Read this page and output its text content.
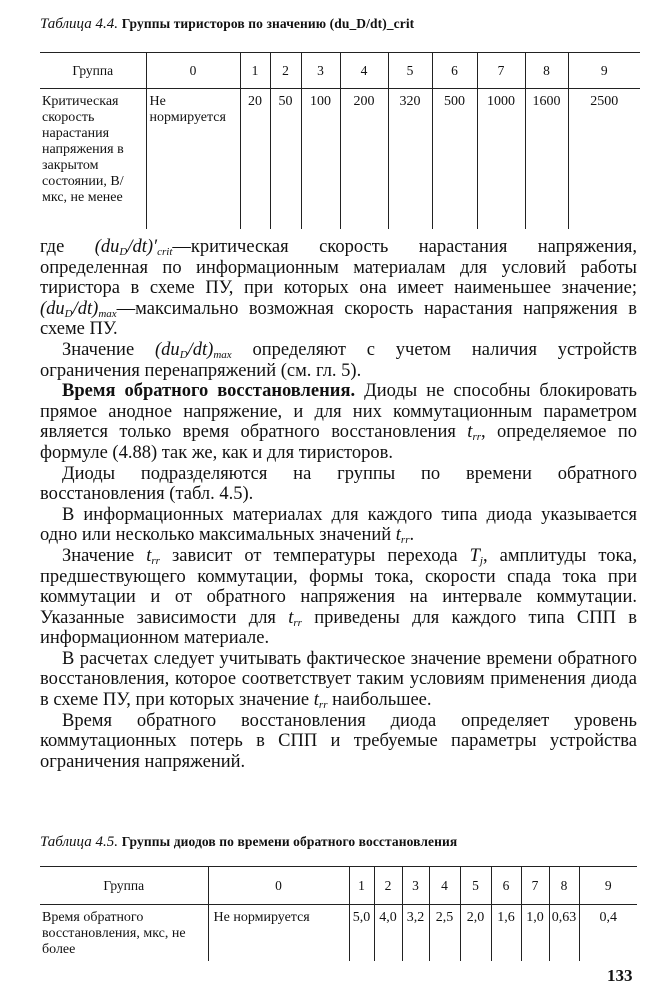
Таблица 4.4. Группы тиристоров по значению (du_D/dt)_crit
Группа	0	1	2	3	4	5	6	7	8	9
Критическая скорость нарастания напряжения в закрытом состоянии, В/мкс, не менее	Не нормируется	20	50	100	200	320	500	1000	1600	2500

где $(du_D/dt)'_{crit}—критическая$ скорость нарастания напряжения, определенная по информационным материалам для условий работы тиристора в схеме ПУ, при которых она имеет наименьшее значение; $(du_D/dt)_{max}—максимально$ возможная скорость нарастания напряжения в схеме ПУ.

Значение $(du_D/dt)_{max}$ определяют с учетом наличия устройств ограничения перенапряжений (см. гл. 5).

Время обратного восстановления. Диоды не способны блокировать прямое анодное напряжение, и для них коммутационным параметром является только время обратного восстановления $t_{rr}$, определяемое по формуле (4.88) так же, как и для тиристоров.

Диоды подразделяются на группы по времени обратного восстановления (табл. 4.5).

В информационных материалах для каждого типа диода указывается одно или несколько максимальных значений $t_{rr}$.

Значение $t_{rr}$ зависит от температуры перехода $T_j$, амплитуды тока, предшествующего коммутации, формы тока, скорости спада тока при коммутации и от обратного напряжения на интервале коммутации. Указанные зависимости для $t_{rr}$ приведены для каждого типа СПП в информационном материале.

В расчетах следует учитывать фактическое значение времени обратного восстановления, которое соответствует таким условиям применения диода в схеме ПУ, при которых значение $t_{rr}$ наибольшее.

Время обратного восстановления диода определяет уровень коммутационных потерь в СПП и требуемые параметры устройства ограничения напряжений.

Таблица 4.5. Группы диодов по времени обратного восстановления
Группа	0	1	2	3	4	5	6	7	8	9
Время обратного восстановления, мкс, не более	Не нормируется	5,0	4,0	3,2	2,5	2,0	1,6	1,0	0,63	0,4
133
